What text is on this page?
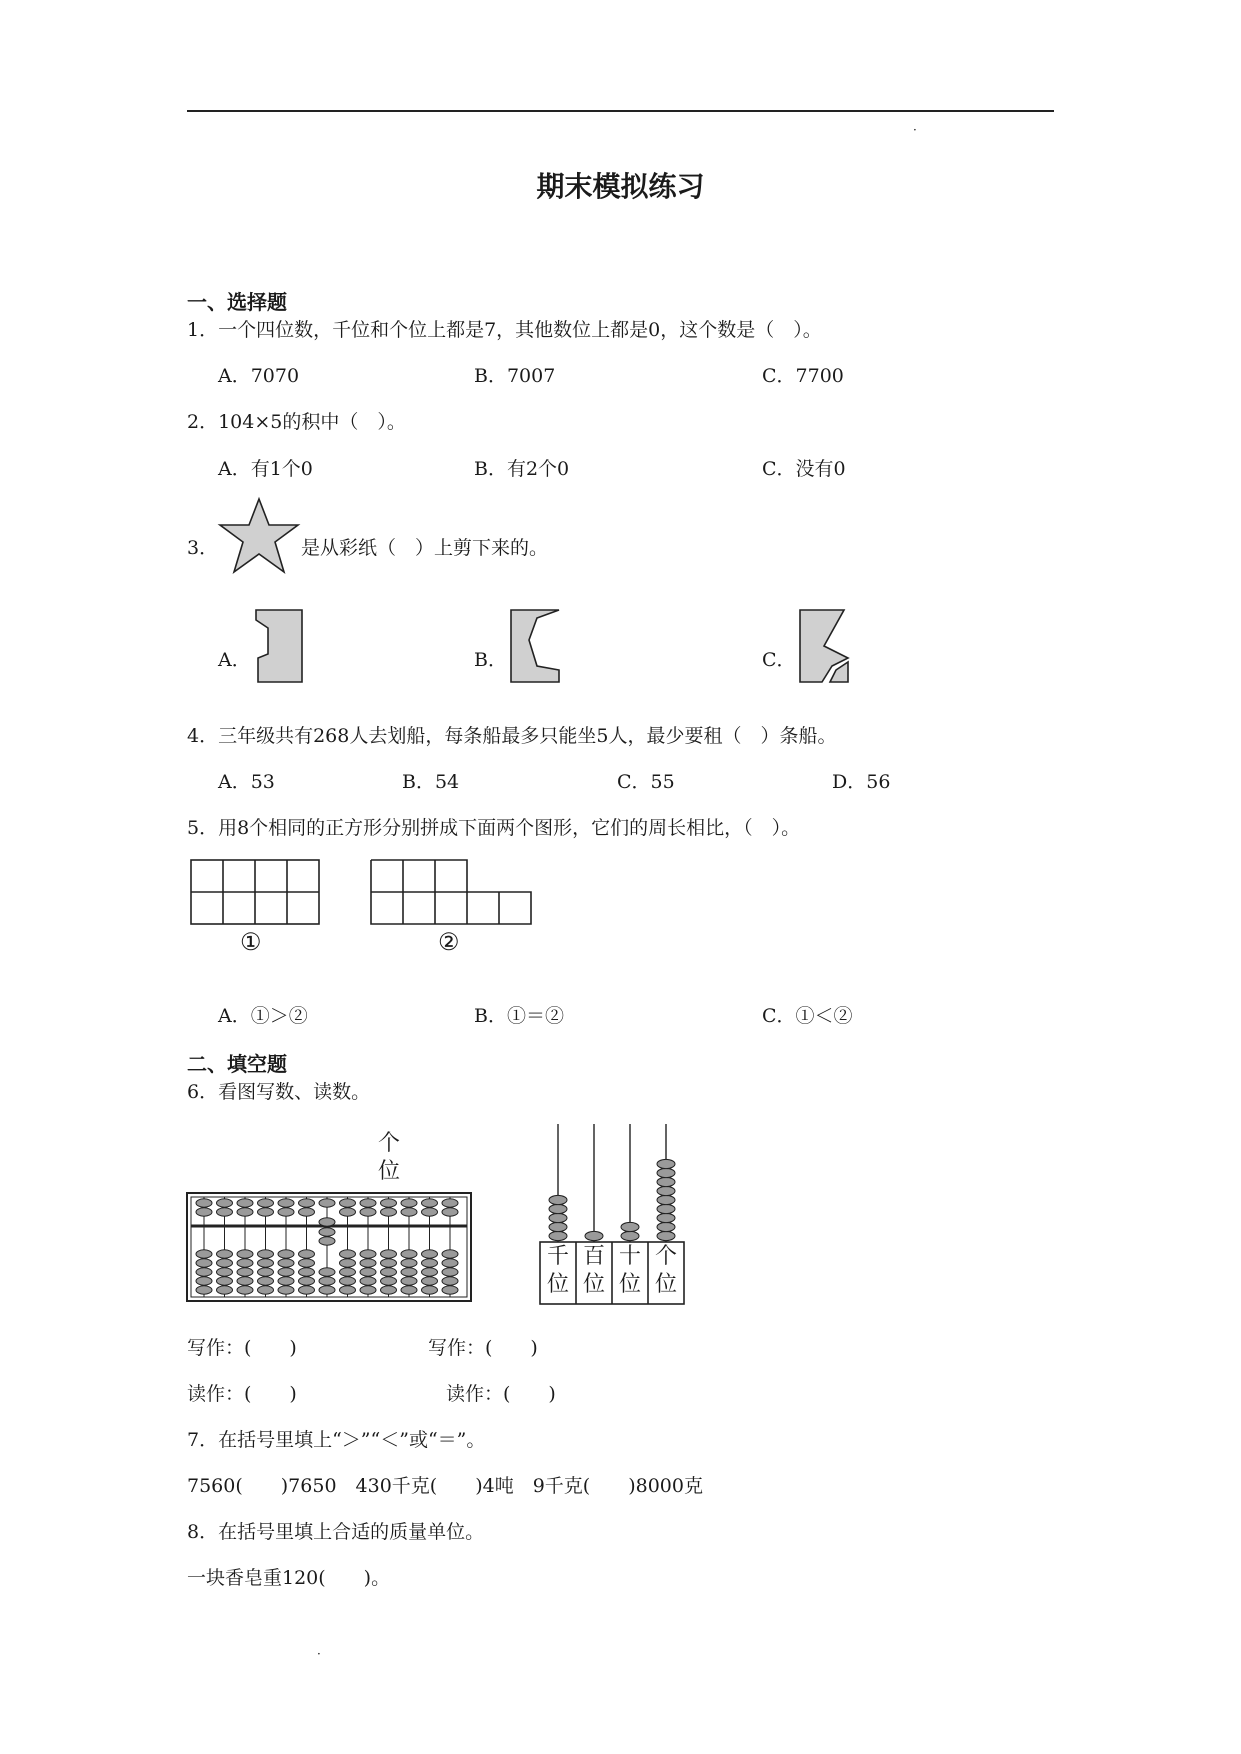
·
期末模拟练习
一、选择题
1．一个四位数，千位和个位上都是7，其他数位上都是0，这个数是（　）。
A．7070	B．7007	C．7700
2．104×5的积中（　）。
A．有1个0	B．有2个0	C．没有0
3．	是从彩纸（　）上剪下来的。
A．	B．	C．
4．三年级共有268人去划船，每条船最多只能坐5人，最少要租（　）条船。
A．53	B．54	C．55	D．56
5．用8个相同的正方形分别拼成下面两个图形，它们的周长相比，（　）。
①	②
A．①＞②	B．①＝②	C．①＜②
二、填空题
6．看图写数、读数。
个
位
千
位
百
位
十
位
个
位
写作：(　　)	写作：(　　)
读作：(　　)	读作：(　　)
7．在括号里填上“＞”“＜”或“＝”。
7560(　　)7650　430千克(　　)4吨　9千克(　　)8000克
8．在括号里填上合适的质量单位。
一块香皂重120(　　)。
·
